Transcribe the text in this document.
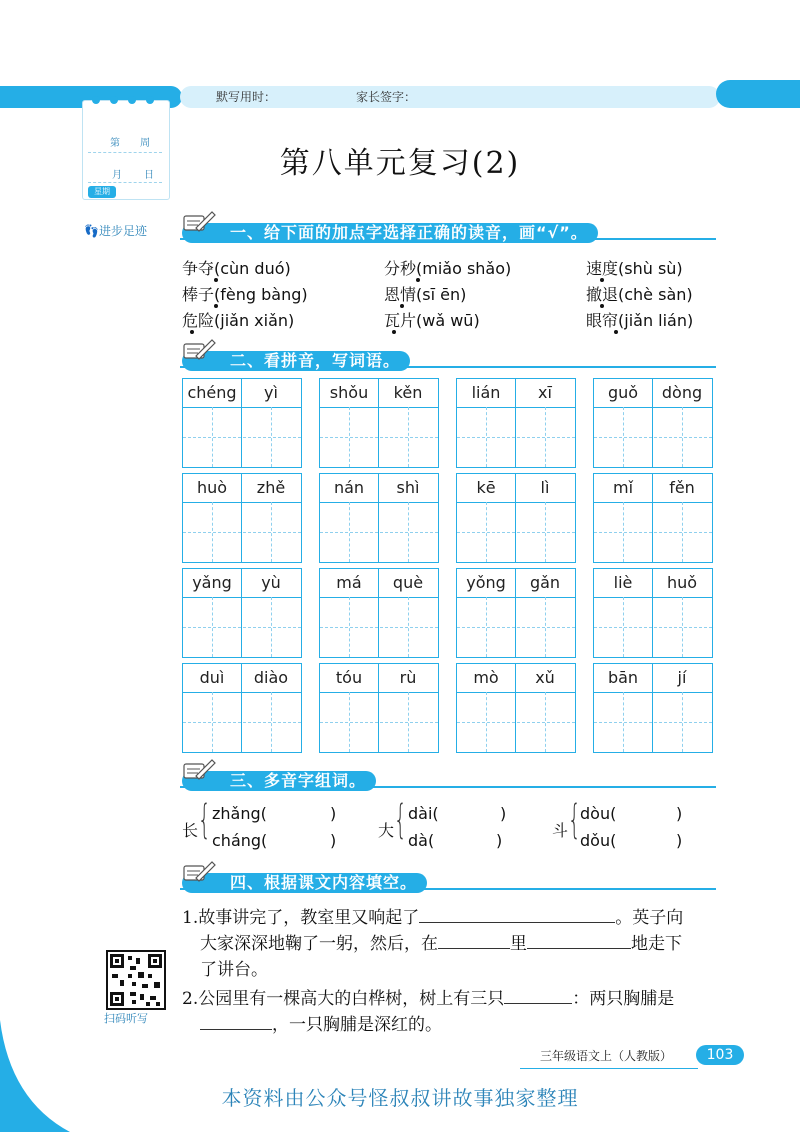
默写用时：	家长签字：
第 周
月 日
星期
👣进步足迹
第八单元复习(2)
一、给下面的加点字选择正确的读音，画“√”。
争夺(cùn duó)	分秒(miǎo shǎo)	速度(shù sù)
棒子(fèng bàng)	恩情(sī ēn)	撤退(chè sàn)
危险(jiǎn xiǎn)	瓦片(wǎ wū)	眼帘(jiǎn lián)
二、看拼音，写词语。
chéng	yì	shǒu	kěn	lián	xī	guǒ	dòng
huò	zhě	nán	shì	kē	lì	mǐ	fěn
yǎng	yù	má	què	yǒng	gǎn	liè	huǒ
duì	diào	tóu	rù	mò	xǔ	bān	jí
三、多音字组词。
长 { zhǎng(
cháng(
)
)
大 { dài(
dà(
)
)
斗 { dòu(
dǒu(
)
)
四、根据课文内容填空。
1.故事讲完了，教室里又响起了	。英子向
大家深深地鞠了一躬，然后，在	里	地走下
了讲台。
2.公园里有一棵高大的白桦树，树上有三只	：两只胸脯是
，一只胸脯是深红的。
扫码听写
三年级语文上（人教版）	103
本资料由公众号怪叔叔讲故事独家整理
